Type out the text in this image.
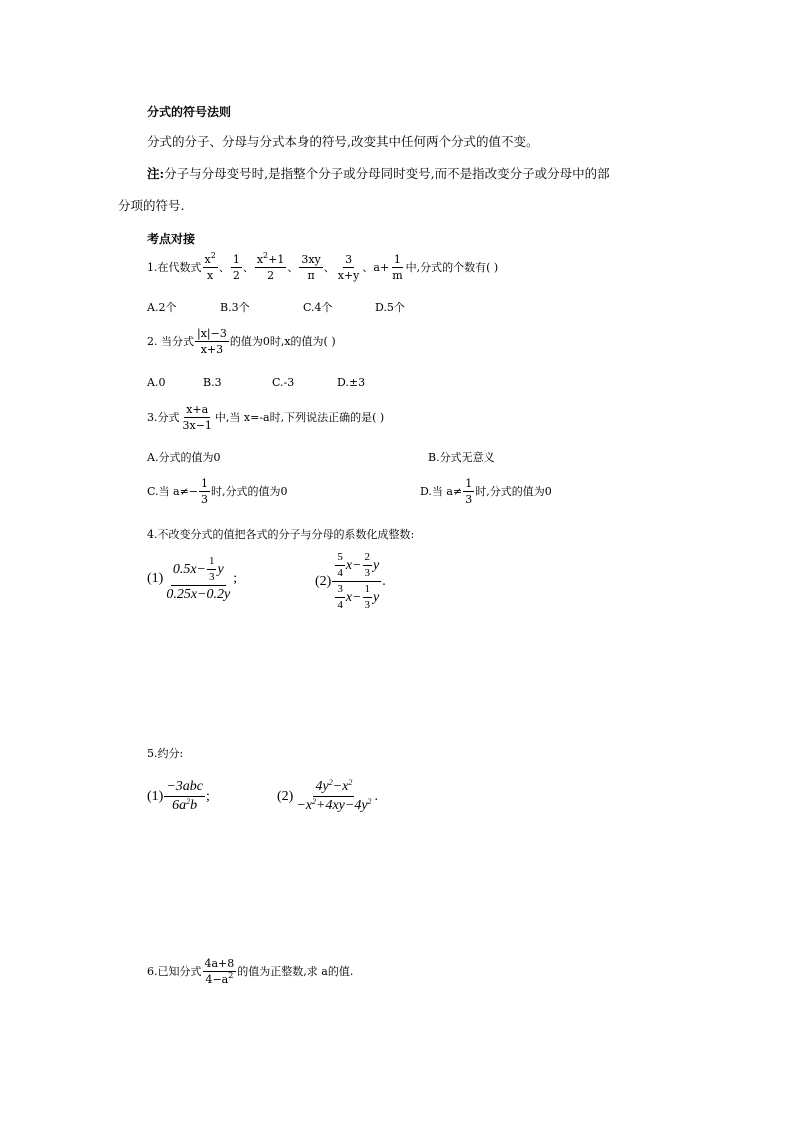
分式的符号法则
分式的分子、分母与分式本身的符号,改变其中任何两个分式的值不变。
注:分子与分母变号时,是指整个分子或分母同时变号,而不是指改变分子或分母中的部
分项的符号.
考点对接
1.在代数式 $\frac{x^2}{x}$ 、 $\frac{1}{2}$ 、 $\frac{x^2+1}{2}$ 、 $\frac{3xy}{\pi}$ 、 $\frac{3}{x+y}$ 、 $a+ \frac{1}{m}$ 中,分式的个数有( )
A.2个	B.3个	C.4个	D.5个
2. 当分式 $\frac{|x|-3}{x+3}$ 的值为0时,x的值为( )
A.0	B.3	C.-3	D.±3
3.分式 $\frac{x+a}{3x-1}$ 中,当 x=-a时,下列说法正确的是( )
A.分式的值为0	B.分式无意义
C.当 $a\ne- \frac{1}{3}$ 时,分式的值为0	D.当 $a\ne \frac{1}{3}$ 时,分式的值为0
4.不改变分式的值把各式的分子与分母的系数化成整数:
$(1) \frac{0.5x- \frac{1}{3} y}{0.25x-0.2y}$ ;	$(2) \frac{\frac{5}{4} x- \frac{2}{3} y}{\frac{3}{4} x- \frac{1}{3} y}$ .
5.约分:
$(1) \frac{\text{−3abc}}{6a^2b}$ ;	$(2) \frac{4y^2-x^2}{-x^2+4xy-4y^2}$ .
6.已知分式 $\frac{4a+8}{4-a^2}$ 的值为正整数,求 a的值.
